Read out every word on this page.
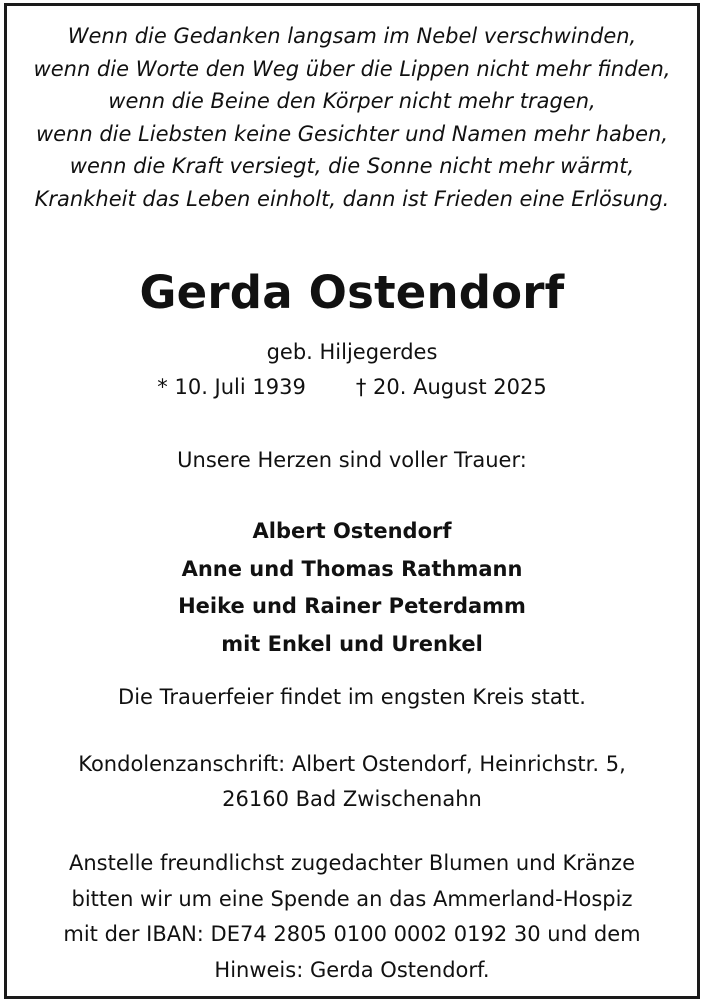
Wenn die Gedanken langsam im Nebel verschwinden,
wenn die Worte den Weg über die Lippen nicht mehr finden,
wenn die Beine den Körper nicht mehr tragen,
wenn die Liebsten keine Gesichter und Namen mehr haben,
wenn die Kraft versiegt, die Sonne nicht mehr wärmt,
Krankheit das Leben einholt, dann ist Frieden eine Erlösung.
Gerda Ostendorf
geb. Hiljegerdes
* 10. Juli 1939 † 20. August 2025
Unsere Herzen sind voller Trauer:
Albert Ostendorf
Anne und Thomas Rathmann
Heike und Rainer Peterdamm
mit Enkel und Urenkel
Die Trauerfeier findet im engsten Kreis statt.
Kondolenzanschrift: Albert Ostendorf, Heinrichstr. 5,
26160 Bad Zwischenahn
Anstelle freundlichst zugedachter Blumen und Kränze
bitten wir um eine Spende an das Ammerland-Hospiz
mit der IBAN: DE74 2805 0100 0002 0192 30 und dem
Hinweis: Gerda Ostendorf.
